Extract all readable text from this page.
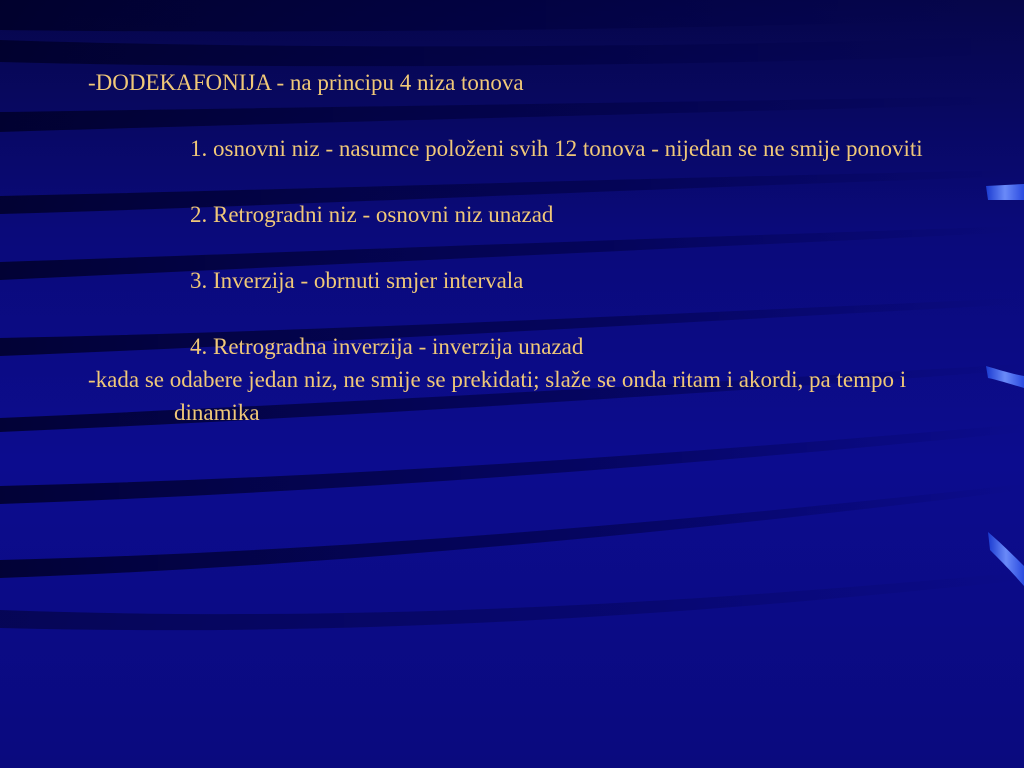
-DODEKAFONIJA - na principu 4 niza tonova

1. osnovni niz - nasumce položeni svih 12 tonova - nijedan se ne smije ponoviti

2. Retrogradni niz - osnovni niz unazad

3. Inverzija - obrnuti smjer intervala

4. Retrogradna inverzija - inverzija unazad

-kada se odabere jedan niz, ne smije se prekidati; slaže se onda ritam i akordi, pa tempo idinamika
